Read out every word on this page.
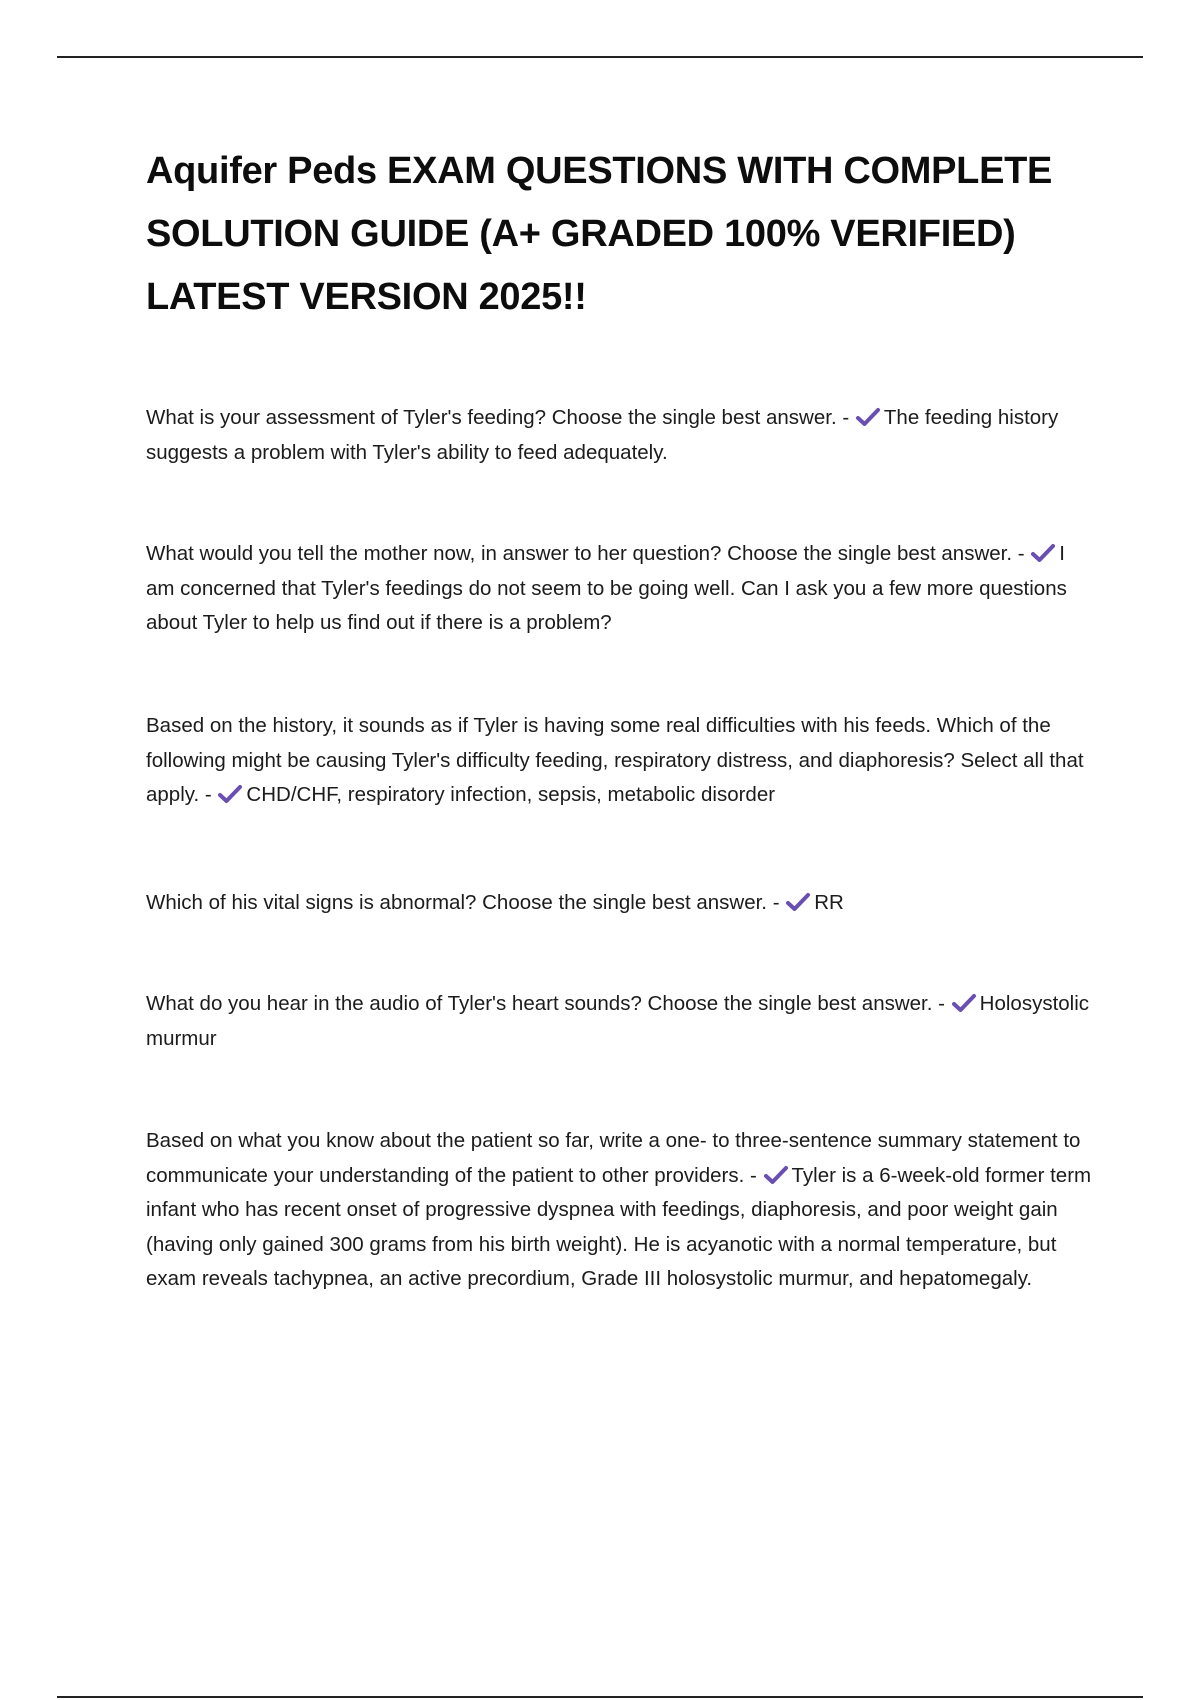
Aquifer Peds EXAM QUESTIONS WITH COMPLETE SOLUTION GUIDE (A+ GRADED 100% VERIFIED) LATEST VERSION 2025!!

What is your assessment of Tyler's feeding? Choose the single best answer. - The feeding history suggests a problem with Tyler's ability to feed adequately.

What would you tell the mother now, in answer to her question? Choose the single best answer. - I am concerned that Tyler's feedings do not seem to be going well. Can I ask you a few more questions about Tyler to help us find out if there is a problem?

Based on the history, it sounds as if Tyler is having some real difficulties with his feeds. Which of the following might be causing Tyler's difficulty feeding, respiratory distress, and diaphoresis? Select all that apply. - CHD/CHF, respiratory infection, sepsis, metabolic disorder

Which of his vital signs is abnormal? Choose the single best answer. - RR

What do you hear in the audio of Tyler's heart sounds? Choose the single best answer. - Holosystolic murmur

Based on what you know about the patient so far, write a one- to three-sentence summary statement to communicate your understanding of the patient to other providers. - Tyler is a 6-week-old former term infant who has recent onset of progressive dyspnea with feedings, diaphoresis, and poor weight gain (having only gained 300 grams from his birth weight). He is acyanotic with a normal temperature, but exam reveals tachypnea, an active precordium, Grade III holosystolic murmur, and hepatomegaly.
